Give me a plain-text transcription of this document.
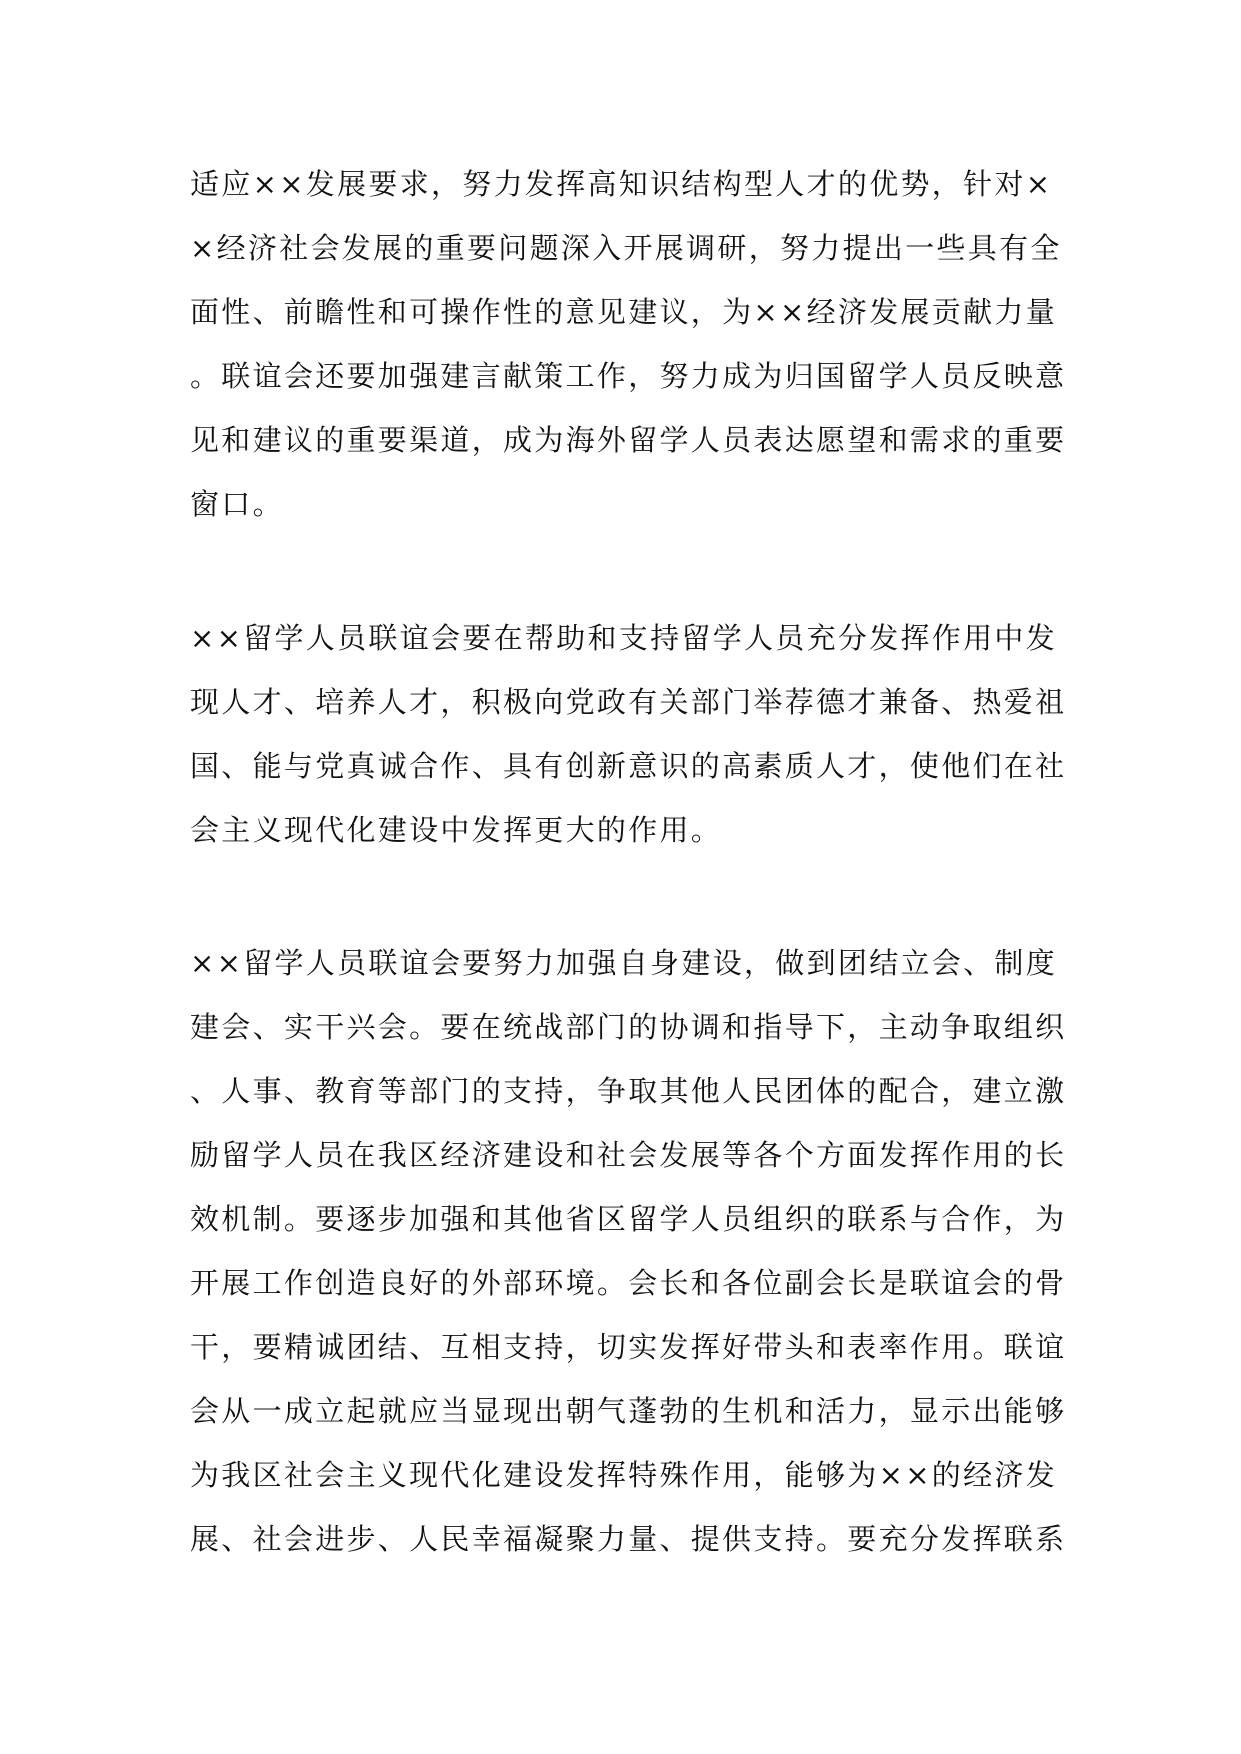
适应××发展要求，努力发挥高知识结构型人才的优势，针对×
×经济社会发展的重要问题深入开展调研，努力提出一些具有全
面性、前瞻性和可操作性的意见建议，为××经济发展贡献力量
。联谊会还要加强建言献策工作，努力成为归国留学人员反映意
见和建议的重要渠道，成为海外留学人员表达愿望和需求的重要
窗口。
××留学人员联谊会要在帮助和支持留学人员充分发挥作用中发
现人才、培养人才，积极向党政有关部门举荐德才兼备、热爱祖
国、能与党真诚合作、具有创新意识的高素质人才，使他们在社
会主义现代化建设中发挥更大的作用。
××留学人员联谊会要努力加强自身建设，做到团结立会、制度
建会、实干兴会。要在统战部门的协调和指导下，主动争取组织
、人事、教育等部门的支持，争取其他人民团体的配合，建立激
励留学人员在我区经济建设和社会发展等各个方面发挥作用的长
效机制。要逐步加强和其他省区留学人员组织的联系与合作，为
开展工作创造良好的外部环境。会长和各位副会长是联谊会的骨
干，要精诚团结、互相支持，切实发挥好带头和表率作用。联谊
会从一成立起就应当显现出朝气蓬勃的生机和活力，显示出能够
为我区社会主义现代化建设发挥特殊作用，能够为××的经济发
展、社会进步、人民幸福凝聚力量、提供支持。要充分发挥联系
